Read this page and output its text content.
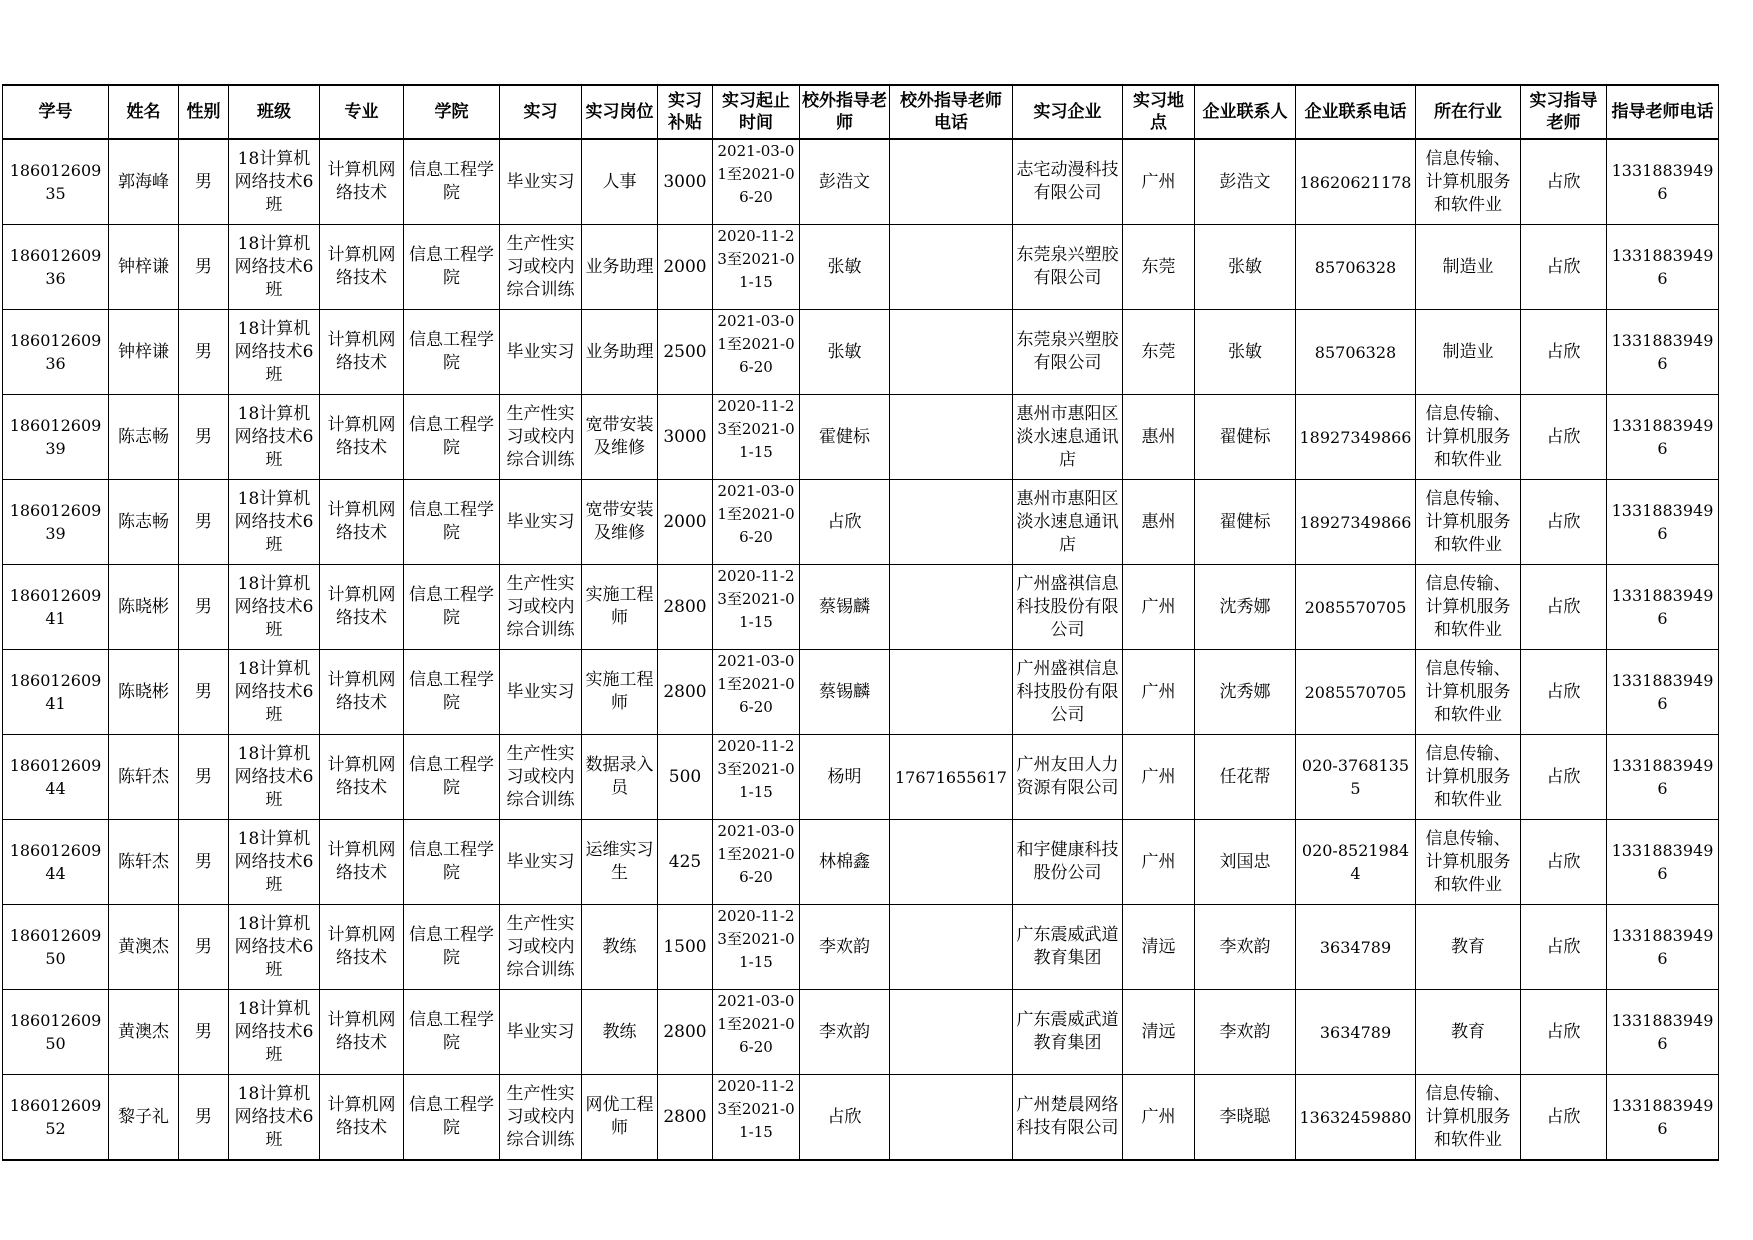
学号	姓名	性别	班级	专业	学院	实习	实习岗位	实习补贴	实习起止时间	校外指导老师	校外指导老师电话	实习企业	实习地点	企业联系人	企业联系电话	所在行业	实习指导老师	指导老师电话
18601260935	郭海峰	男	18计算机网络技术6班	计算机网络技术	信息工程学院	毕业实习	人事	3000	2021-03-01至2021-06-20	彭浩文		志宅动漫科技有限公司	广州	彭浩文	18620621178	信息传输、计算机服务和软件业	占欣	13318839496
18601260936	钟梓谦	男	18计算机网络技术6班	计算机网络技术	信息工程学院	生产性实习或校内综合训练	业务助理	2000	2020-11-23至2021-01-15	张敏		东莞泉兴塑胶有限公司	东莞	张敏	85706328	制造业	占欣	13318839496
18601260936	钟梓谦	男	18计算机网络技术6班	计算机网络技术	信息工程学院	毕业实习	业务助理	2500	2021-03-01至2021-06-20	张敏		东莞泉兴塑胶有限公司	东莞	张敏	85706328	制造业	占欣	13318839496
18601260939	陈志畅	男	18计算机网络技术6班	计算机网络技术	信息工程学院	生产性实习或校内综合训练	宽带安装及维修	3000	2020-11-23至2021-01-15	霍健标		惠州市惠阳区淡水速息通讯店	惠州	翟健标	18927349866	信息传输、计算机服务和软件业	占欣	13318839496
18601260939	陈志畅	男	18计算机网络技术6班	计算机网络技术	信息工程学院	毕业实习	宽带安装及维修	2000	2021-03-01至2021-06-20	占欣		惠州市惠阳区淡水速息通讯店	惠州	翟健标	18927349866	信息传输、计算机服务和软件业	占欣	13318839496
18601260941	陈晓彬	男	18计算机网络技术6班	计算机网络技术	信息工程学院	生产性实习或校内综合训练	实施工程师	2800	2020-11-23至2021-01-15	蔡锡麟		广州盛祺信息科技股份有限公司	广州	沈秀娜	2085570705	信息传输、计算机服务和软件业	占欣	13318839496
18601260941	陈晓彬	男	18计算机网络技术6班	计算机网络技术	信息工程学院	毕业实习	实施工程师	2800	2021-03-01至2021-06-20	蔡锡麟		广州盛祺信息科技股份有限公司	广州	沈秀娜	2085570705	信息传输、计算机服务和软件业	占欣	13318839496
18601260944	陈轩杰	男	18计算机网络技术6班	计算机网络技术	信息工程学院	生产性实习或校内综合训练	数据录入员	500	2020-11-23至2021-01-15	杨明	17671655617	广州友田人力资源有限公司	广州	任花帮	020-37681355	信息传输、计算机服务和软件业	占欣	13318839496
18601260944	陈轩杰	男	18计算机网络技术6班	计算机网络技术	信息工程学院	毕业实习	运维实习生	425	2021-03-01至2021-06-20	林棉鑫		和宇健康科技股份公司	广州	刘国忠	020-85219844	信息传输、计算机服务和软件业	占欣	13318839496
18601260950	黄澳杰	男	18计算机网络技术6班	计算机网络技术	信息工程学院	生产性实习或校内综合训练	教练	1500	2020-11-23至2021-01-15	李欢韵		广东震威武道教育集团	清远	李欢韵	3634789	教育	占欣	13318839496
18601260950	黄澳杰	男	18计算机网络技术6班	计算机网络技术	信息工程学院	毕业实习	教练	2800	2021-03-01至2021-06-20	李欢韵		广东震威武道教育集团	清远	李欢韵	3634789	教育	占欣	13318839496
18601260952	黎子礼	男	18计算机网络技术6班	计算机网络技术	信息工程学院	生产性实习或校内综合训练	网优工程师	2800	2020-11-23至2021-01-15	占欣		广州楚晨网络科技有限公司	广州	李晓聪	13632459880	信息传输、计算机服务和软件业	占欣	13318839496
